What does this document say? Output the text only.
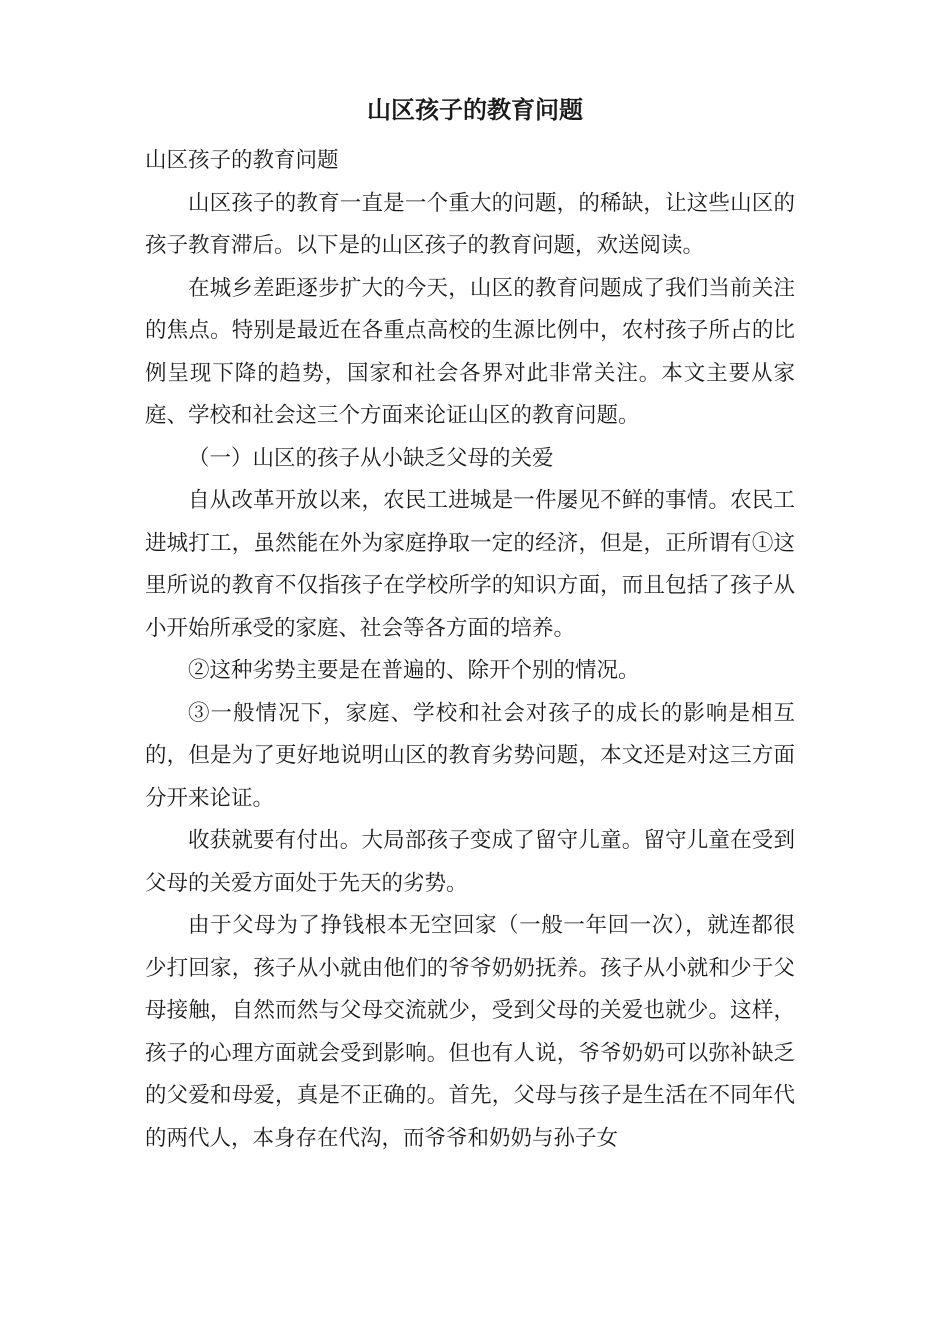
山区孩子的教育问题

山区孩子的教育问题

山区孩子的教育一直是一个重大的问题，的稀缺，让这些山区的孩子教育滞后。以下是的山区孩子的教育问题，欢送阅读。

在城乡差距逐步扩大的今天，山区的教育问题成了我们当前关注的焦点。特别是最近在各重点高校的生源比例中，农村孩子所占的比例呈现下降的趋势，国家和社会各界对此非常关注。本文主要从家庭、学校和社会这三个方面来论证山区的教育问题。

（一）山区的孩子从小缺乏父母的关爱

自从改革开放以来，农民工进城是一件屡见不鲜的事情。农民工进城打工，虽然能在外为家庭挣取一定的经济，但是，正所谓有①这里所说的教育不仅指孩子在学校所学的知识方面，而且包括了孩子从小开始所承受的家庭、社会等各方面的培养。

②这种劣势主要是在普遍的、除开个别的情况。

③一般情况下，家庭、学校和社会对孩子的成长的影响是相互的，但是为了更好地说明山区的教育劣势问题，本文还是对这三方面分开来论证。

收获就要有付出。大局部孩子变成了留守儿童。留守儿童在受到父母的关爱方面处于先天的劣势。

由于父母为了挣钱根本无空回家（一般一年回一次），就连都很少打回家，孩子从小就由他们的爷爷奶奶抚养。孩子从小就和少于父母接触，自然而然与父母交流就少，受到父母的关爱也就少。这样，孩子的心理方面就会受到影响。但也有人说，爷爷奶奶可以弥补缺乏的父爱和母爱，真是不正确的。首先，父母与孩子是生活在不同年代的两代人，本身存在代沟，而爷爷和奶奶与孙子女
